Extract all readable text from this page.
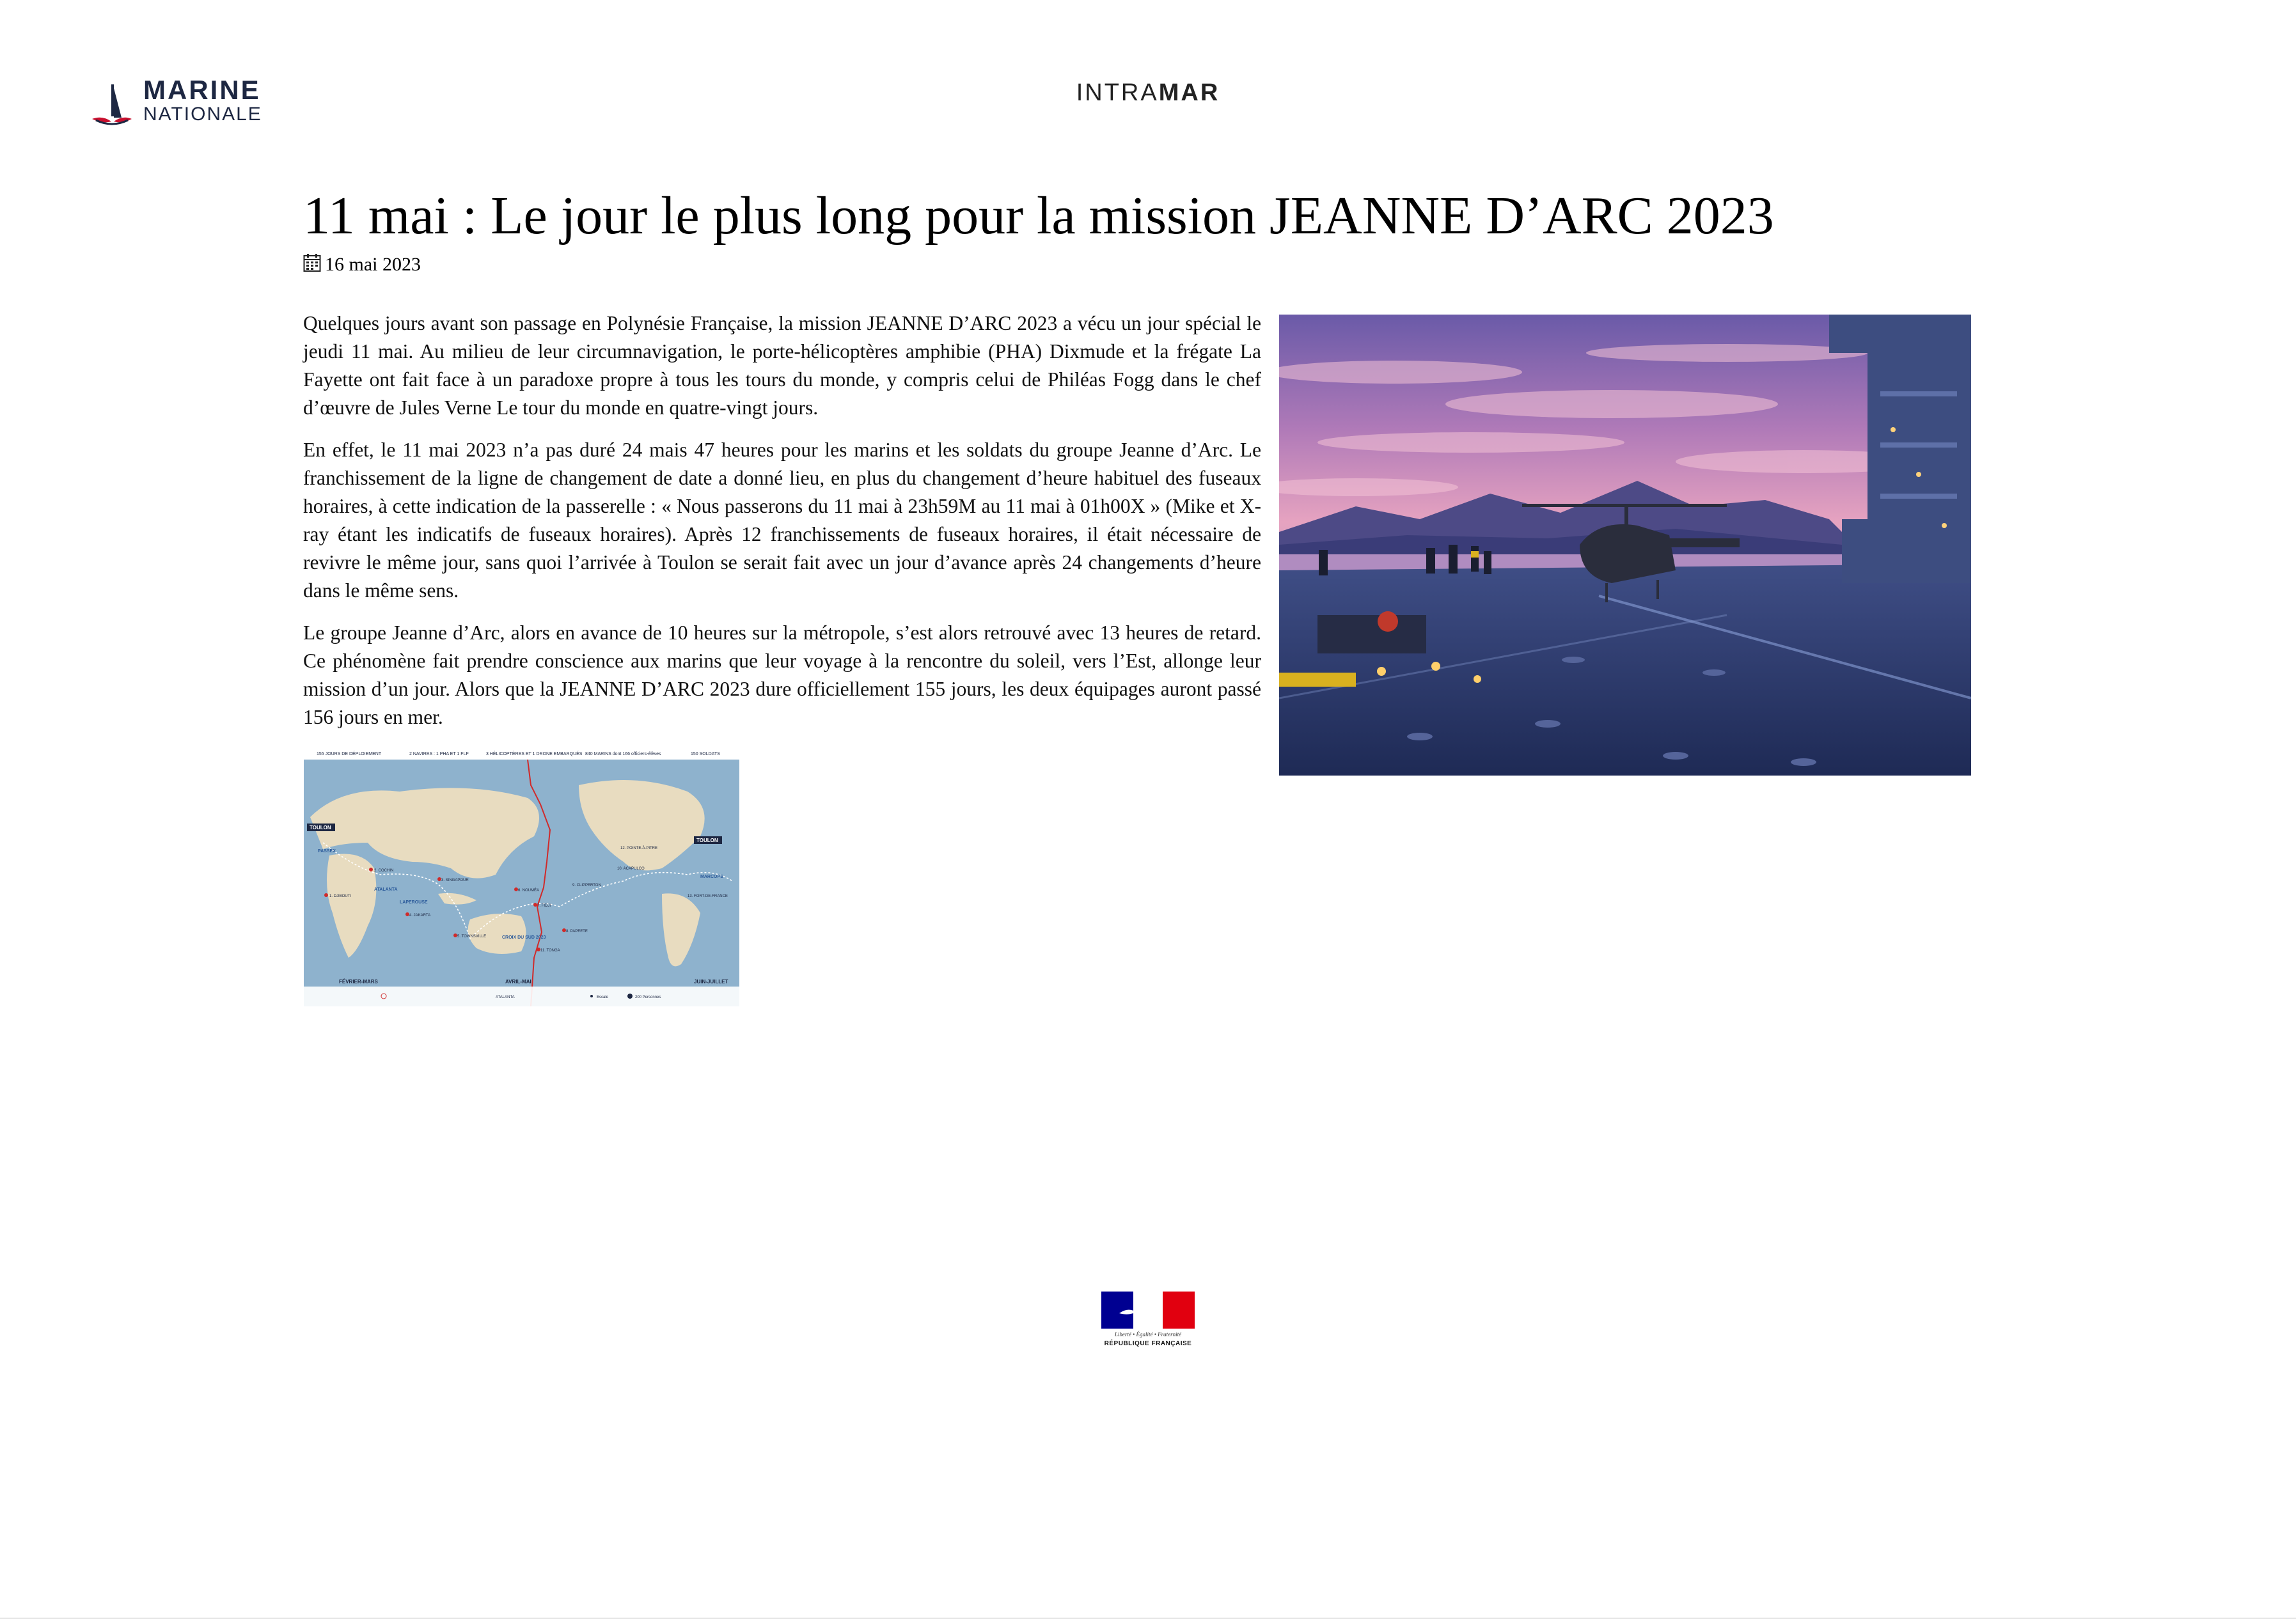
MARINE
NATIONALE
INTRAMAR
11 mai : Le jour le plus long pour la mission JEANNE D’ARC 2023
16 mai 2023

Quelques jours avant son passage en Polynésie Française, la mission JEANNE D’ARC 2023 a vécu un jour spécial le jeudi 11 mai. Au milieu de leur circumnavigation, le porte-hélicoptères amphibie (PHA) Dixmude et la frégate La Fayette ont fait face à un paradoxe propre à tous les tours du monde, y compris celui de Philéas Fogg dans le chef d’œuvre de Jules Verne Le tour du monde en quatre-vingt jours.

En effet, le 11 mai 2023 n’a pas duré 24 mais 47 heures pour les marins et les soldats du groupe Jeanne d’Arc. Le franchissement de la ligne de changement de date a donné lieu, en plus du changement d’heure habituel des fuseaux horaires, à cette indication de la passerelle : « Nous passerons du 11 mai à 23h59M au 11 mai à 01h00X » (Mike et X-ray étant les indicatifs de fuseaux horaires). Après 12 franchissements de fuseaux horaires, il était nécessaire de revivre le même jour, sans quoi l’arrivée à Toulon se serait fait avec un jour d’avance après 24 changements d’heure dans le même sens.

Le groupe Jeanne d’Arc, alors en avance de 10 heures sur la métropole, s’est alors retrouvé avec 13 heures de retard. Ce phénomène fait prendre conscience aux marins que leur voyage à la rencontre du soleil, vers l’Est, allonge leur mission d’un jour. Alors que la JEANNE D’ARC 2023 dure officiellement 155 jours, les deux équipages auront passé 156 jours en mer.

155 JOURS DE DÉPLOIEMENT	2 NAVIRES : 1 PHA ET 1 FLF	3 HÉLICOPTÈRES ET 1 DRONE EMBARQUÉS 840 MARINS dont 166 officiers-élèves	150 SOLDATS
TOULON
TOULON
1. DJIBOUTI
2. COCHIN
3. SINGAPOUR
4. JAKARTA
5. TOWNSVILLE
6. NOUMÉA
7. FIDJI
8. PAPEETE
9. CLIPPERTON
10. ACAPULCO
11. TONGA
12. POINTE-À-PITRE
13. FORT-DE-FRANCE
ATALANTA
LAPEROUSE
CROIX DU SUD 2023
MARCOPS
PASSEX
FÉVRIER-MARS	AVRIL-MAI	JUIN-JUILLET
ATALANTA	Escale	200 Personnes
Liberté • Égalité • Fraternité
RÉPUBLIQUE FRANÇAISE
